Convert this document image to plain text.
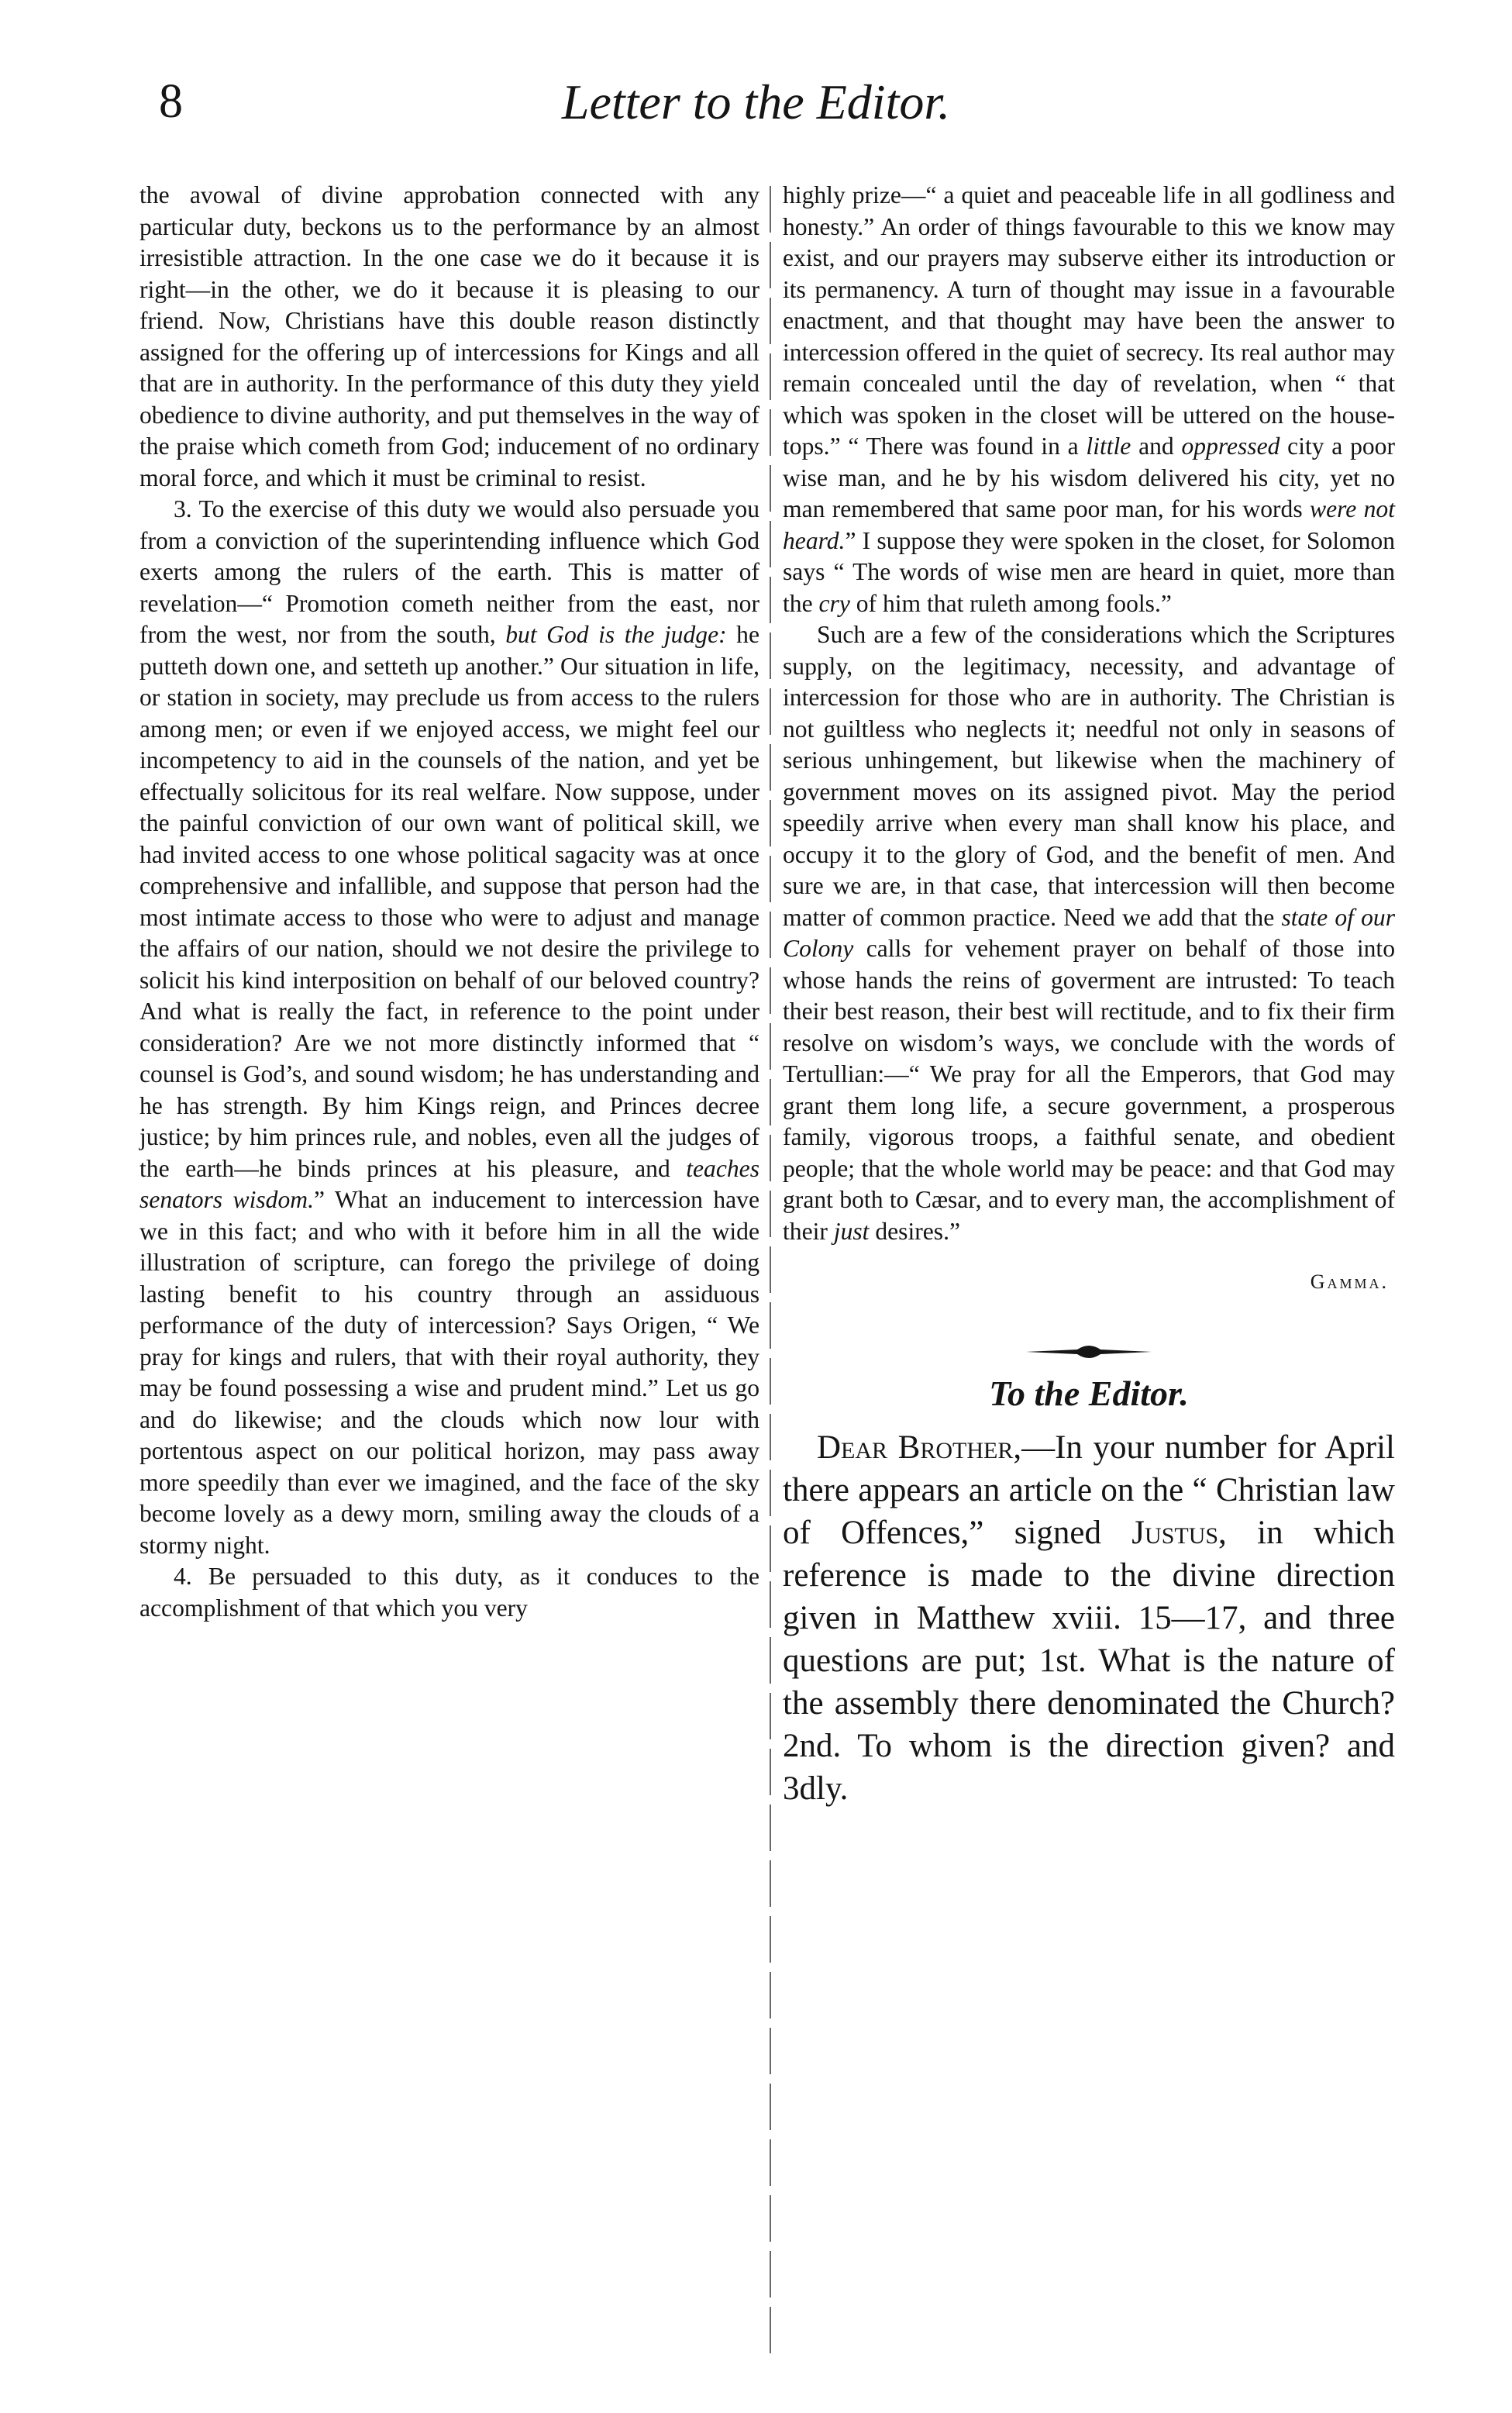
8	Letter to the Editor.

the avowal of divine approbation connected with any particular duty, beckons us to the performance by an almost irresistible attraction. In the one case we do it because it is right—in the other, we do it because it is pleasing to our friend. Now, Christians have this double reason distinctly assigned for the offering up of intercessions for Kings and all that are in authority. In the performance of this duty they yield obedience to divine authority, and put themselves in the way of the praise which cometh from God; inducement of no ordinary moral force, and which it must be criminal to resist.

3. To the exercise of this duty we would also persuade you from a conviction of the superintending influence which God exerts among the rulers of the earth. This is matter of revelation—“ Promotion cometh neither from the east, nor from the west, nor from the south, but God is the judge: he putteth down one, and setteth up another.” Our situation in life, or station in society, may preclude us from access to the rulers among men; or even if we enjoyed access, we might feel our incompetency to aid in the counsels of the nation, and yet be effectually solicitous for its real welfare. Now suppose, under the painful conviction of our own want of political skill, we had invited access to one whose political sagacity was at once comprehensive and infallible, and suppose that person had the most intimate access to those who were to adjust and manage the affairs of our nation, should we not desire the privilege to solicit his kind interposition on behalf of our beloved country? And what is really the fact, in reference to the point under consideration? Are we not more distinctly informed that “ counsel is God’s, and sound wisdom; he has understanding and he has strength. By him Kings reign, and Princes decree justice; by him princes rule, and nobles, even all the judges of the earth—he binds princes at his pleasure, and teaches senators wisdom.” What an inducement to intercession have we in this fact; and who with it before him in all the wide illustration of scripture, can forego the privilege of doing lasting benefit to his country through an assiduous performance of the duty of intercession? Says Origen, “ We pray for kings and rulers, that with their royal authority, they may be found possessing a wise and prudent mind.” Let us go and do likewise; and the clouds which now lour with portentous aspect on our political horizon, may pass away more speedily than ever we imagined, and the face of the sky become lovely as a dewy morn, smiling away the clouds of a stormy night.

4. Be persuaded to this duty, as it conduces to the accomplishment of that which you very

highly prize—“ a quiet and peaceable life in all godliness and honesty.” An order of things favourable to this we know may exist, and our prayers may subserve either its introduction or its permanency. A turn of thought may issue in a favourable enactment, and that thought may have been the answer to intercession offered in the quiet of secrecy. Its real author may remain concealed until the day of revelation, when “ that which was spoken in the closet will be uttered on the house-tops.” “ There was found in a little and oppressed city a poor wise man, and he by his wisdom delivered his city, yet no man remembered that same poor man, for his words were not heard.” I suppose they were spoken in the closet, for Solomon says “ The words of wise men are heard in quiet, more than the cry of him that ruleth among fools.”

Such are a few of the considerations which the Scriptures supply, on the legitimacy, necessity, and advantage of intercession for those who are in authority. The Christian is not guiltless who neglects it; needful not only in seasons of serious unhingement, but likewise when the machinery of government moves on its assigned pivot. May the period speedily arrive when every man shall know his place, and occupy it to the glory of God, and the benefit of men. And sure we are, in that case, that intercession will then become matter of common practice. Need we add that the state of our Colony calls for vehement prayer on behalf of those into whose hands the reins of goverment are intrusted: To teach their best reason, their best will rectitude, and to fix their firm resolve on wisdom’s ways, we conclude with the words of Tertullian:—“ We pray for all the Emperors, that God may grant them long life, a secure government, a prosperous family, vigorous troops, a faithful senate, and obedient people; that the whole world may be peace: and that God may grant both to Cæsar, and to every man, the accomplishment of their just desires.”

Gamma.

To the Editor.

Dear Brother,—In your number for April there appears an article on the “ Christian law of Offences,” signed Justus, in which reference is made to the divine direction given in Matthew xviii. 15—17, and three questions are put; 1st. What is the nature of the assembly there denominated the Church? 2nd. To whom is the direction given? and 3dly.
